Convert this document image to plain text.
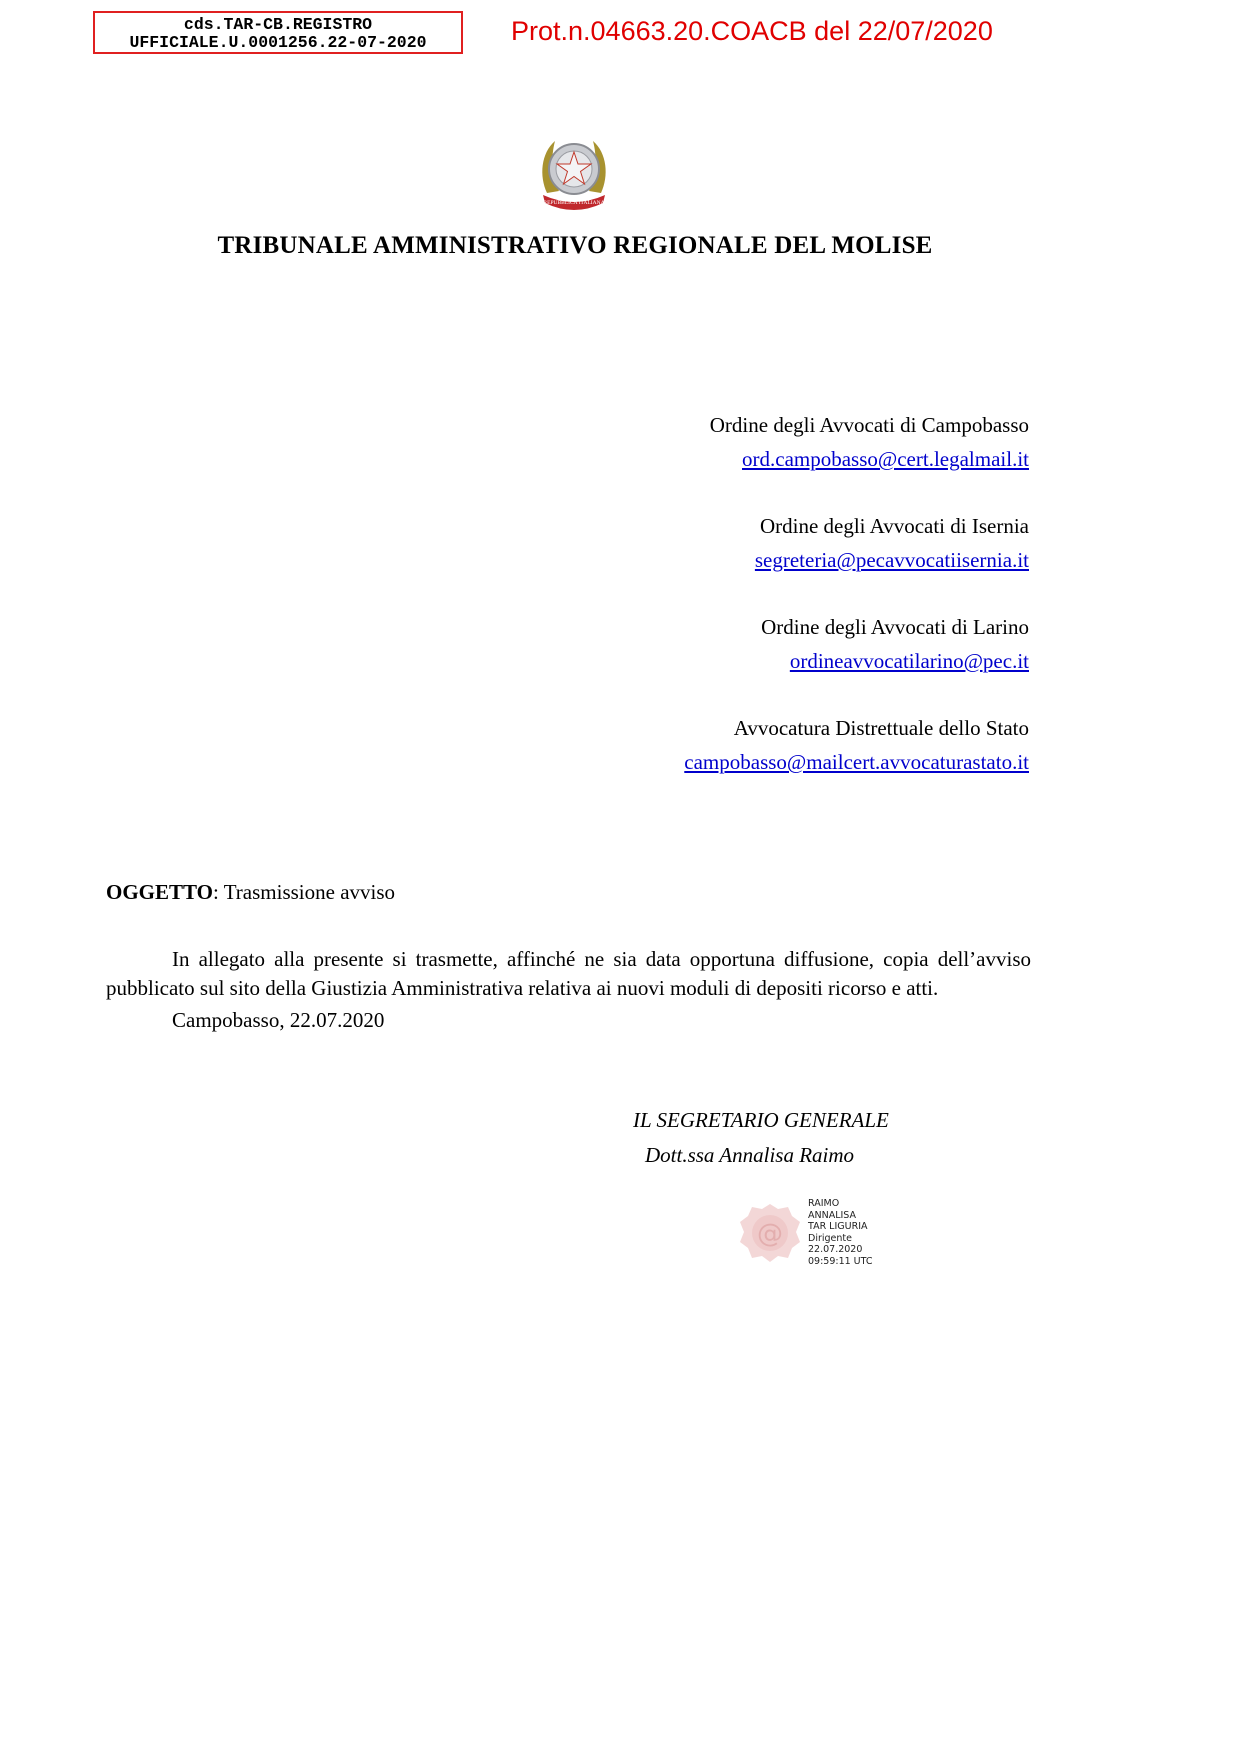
cds.TAR-CB.REGISTRO
UFFICIALE.U.0001256.22-07-2020	Prot.n.04663.20.COACB del 22/07/2020
REPUBBLICA ITALIANA
TRIBUNALE AMMINISTRATIVO REGIONALE DEL MOLISE
Ordine degli Avvocati di Campobasso
ord.campobasso@cert.legalmail.it
Ordine degli Avvocati di Isernia
segreteria@pecavvocatiisernia.it
Ordine degli Avvocati di Larino
ordineavvocatilarino@pec.it
Avvocatura Distrettuale dello Stato
campobasso@mailcert.avvocaturastato.it
OGGETTO: Trasmissione avviso

In allegato alla presente si trasmette, affinché ne sia data opportuna diffusione, copia dell’avviso pubblicato sul sito della Giustizia Amministrativa relativa ai nuovi moduli di depositi ricorso e atti.

Campobasso, 22.07.2020
IL SEGRETARIO GENERALE
Dott.ssa Annalisa Raimo
@
RAIMO
ANNALISA
TAR LIGURIA
Dirigente
22.07.2020
09:59:11 UTC
